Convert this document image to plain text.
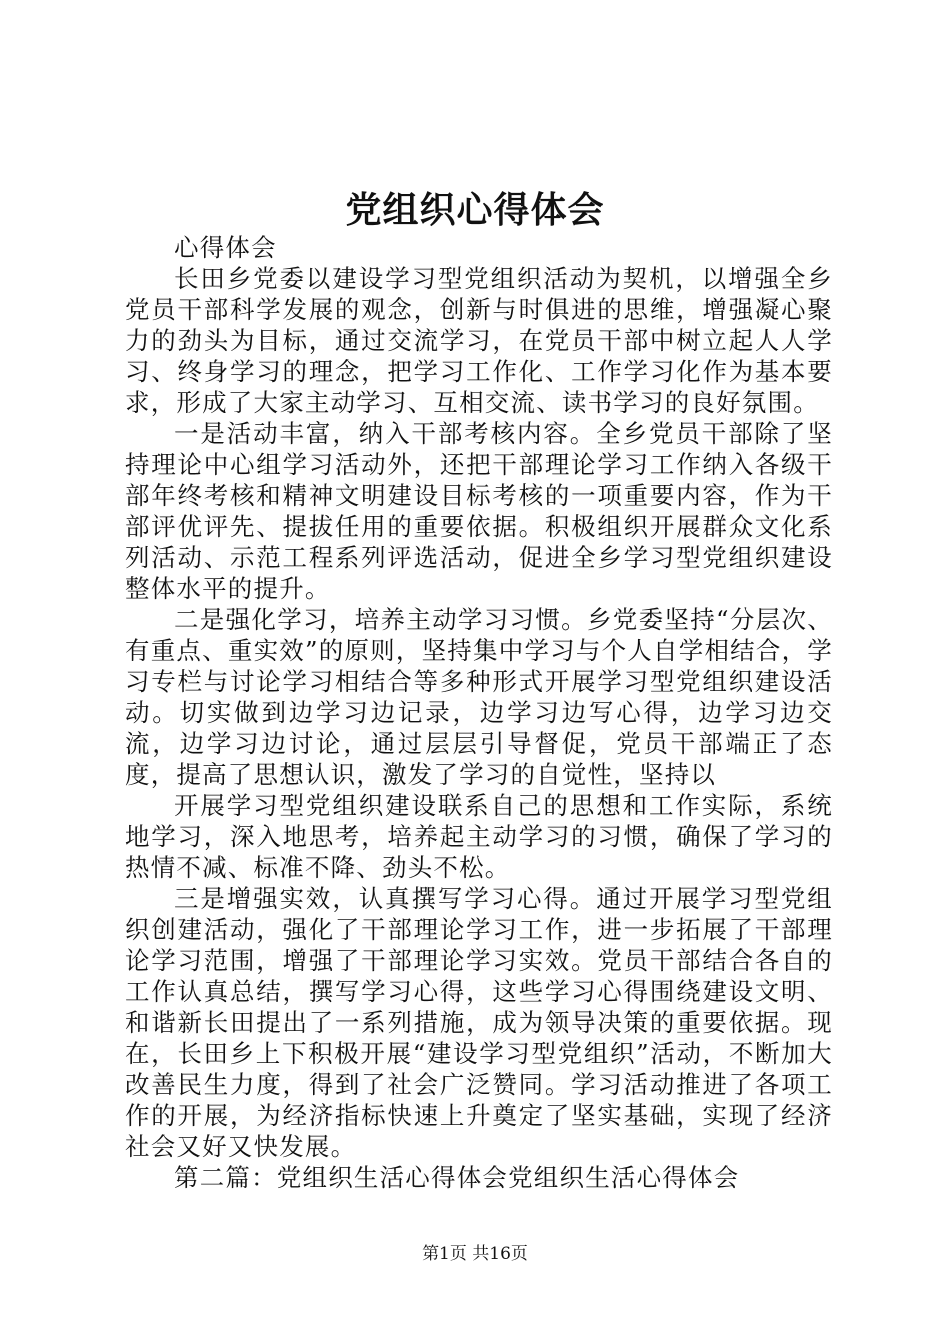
党组织心得体会

心得体会

长田乡党委以建设学习型党组织活动为契机，以增强全乡党员干部科学发展的观念，创新与时俱进的思维，增强凝心聚力的劲头为目标，通过交流学习，在党员干部中树立起人人学习、终身学习的理念，把学习工作化、工作学习化作为基本要求，形成了大家主动学习、互相交流、读书学习的良好氛围。

一是活动丰富，纳入干部考核内容。全乡党员干部除了坚持理论中心组学习活动外，还把干部理论学习工作纳入各级干部年终考核和精神文明建设目标考核的一项重要内容，作为干部评优评先、提拔任用的重要依据。积极组织开展群众文化系列活动、示范工程系列评选活动，促进全乡学习型党组织建设整体水平的提升。

二是强化学习，培养主动学习习惯。乡党委坚持“分层次、有重点、重实效”的原则，坚持集中学习与个人自学相结合，学习专栏与讨论学习相结合等多种形式开展学习型党组织建设活动。切实做到边学习边记录，边学习边写心得，边学习边交流，边学习边讨论，通过层层引导督促，党员干部端正了态度，提高了思想认识，激发了学习的自觉性，坚持以

开展学习型党组织建设联系自己的思想和工作实际，系统地学习，深入地思考，培养起主动学习的习惯，确保了学习的热情不减、标准不降、劲头不松。

三是增强实效，认真撰写学习心得。通过开展学习型党组织创建活动，强化了干部理论学习工作，进一步拓展了干部理论学习范围，增强了干部理论学习实效。党员干部结合各自的工作认真总结，撰写学习心得，这些学习心得围绕建设文明、和谐新长田提出了一系列措施，成为领导决策的重要依据。现在，长田乡上下积极开展“建设学习型党组织”活动，不断加大改善民生力度，得到了社会广泛赞同。学习活动推进了各项工作的开展，为经济指标快速上升奠定了坚实基础，实现了经济社会又好又快发展。

第二篇：党组织生活心得体会党组织生活心得体会

第1页 共16页
